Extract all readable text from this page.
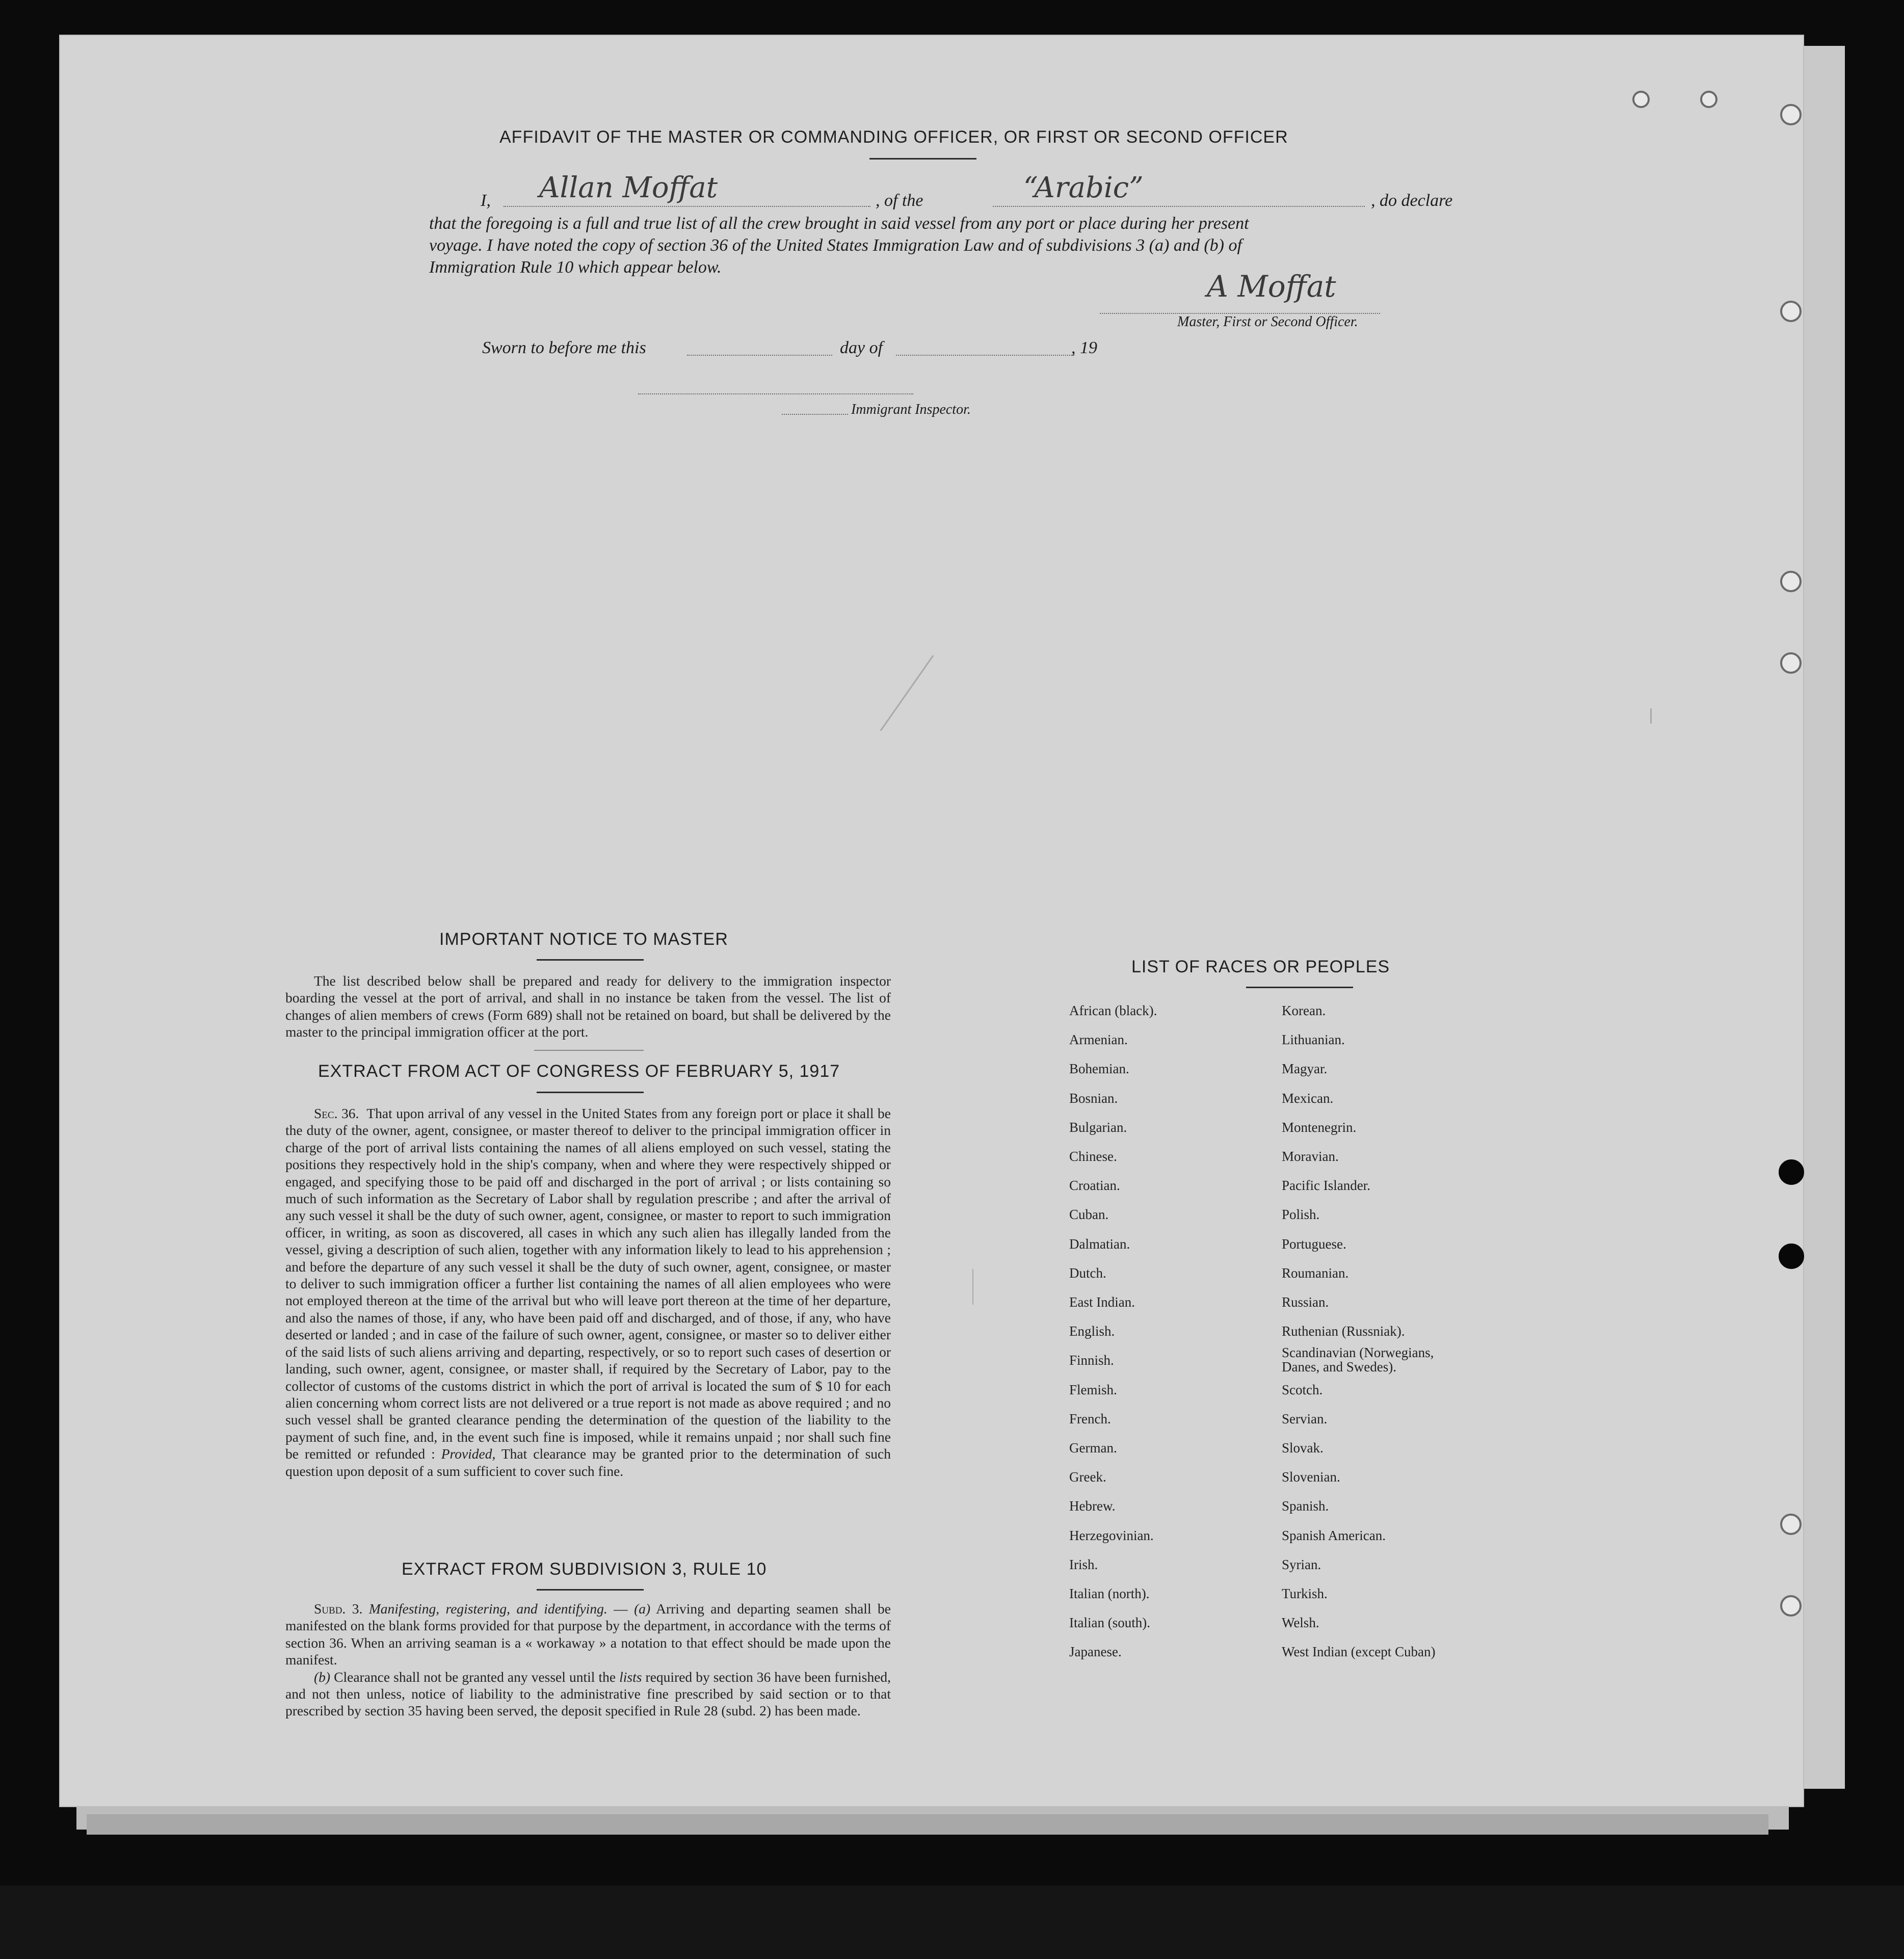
AFFIDAVIT OF THE MASTER OR COMMANDING OFFICER, OR FIRST OR SECOND OFFICER
I, Allan Moffat	, of the	“Arabic”	, do declare
that the foregoing is a full and true list of all the crew brought in said vessel from any port or place during her present
voyage. I have noted the copy of section 36 of the United States Immigration Law and of subdivisions 3 (a) and (b) of
Immigration Rule 10 which appear below.
A Moffat
Master, First or Second Officer.
Sworn to before me this	day of	, 19
Immigrant Inspector.
IMPORTANT NOTICE TO MASTER

The list described below shall be prepared and ready for delivery to the immigration inspector boarding the vessel at the port of arrival, and shall in no instance be taken from the vessel. The list of changes of alien members of crews (Form 689) shall not be retained on board, but shall be delivered by the master to the principal immigration officer at the port.

EXTRACT FROM ACT OF CONGRESS OF FEBRUARY 5, 1917

Sec. 36. That upon arrival of any vessel in the United States from any foreign port or place it shall be the duty of the owner, agent, consignee, or master thereof to deliver to the principal immigration officer in charge of the port of arrival lists containing the names of all aliens employed on such vessel, stating the positions they respectively hold in the ship's company, when and where they were respectively shipped or engaged, and specifying those to be paid off and discharged in the port of arrival ; or lists containing so much of such information as the Secretary of Labor shall by regulation prescribe ; and after the arrival of any such vessel it shall be the duty of such owner, agent, consignee, or master to report to such immigration officer, in writing, as soon as discovered, all cases in which any such alien has illegally landed from the vessel, giving a description of such alien, together with any information likely to lead to his apprehension ; and before the departure of any such vessel it shall be the duty of such owner, agent, consignee, or master to deliver to such immigration officer a further list containing the names of all alien employees who were not employed thereon at the time of the arrival but who will leave port thereon at the time of her departure, and also the names of those, if any, who have been paid off and discharged, and of those, if any, who have deserted or landed ; and in case of the failure of such owner, agent, consignee, or master so to deliver either of the said lists of such aliens arriving and departing, respectively, or so to report such cases of desertion or landing, such owner, agent, consignee, or master shall, if required by the Secretary of Labor, pay to the collector of customs of the customs district in which the port of arrival is located the sum of $ 10 for each alien concerning whom correct lists are not delivered or a true report is not made as above required ; and no such vessel shall be granted clearance pending the determination of the question of the liability to the payment of such fine, and, in the event such fine is imposed, while it remains unpaid ; nor shall such fine be remitted or refunded : Provided, That clearance may be granted prior to the determination of such question upon deposit of a sum sufficient to cover such fine.

EXTRACT FROM SUBDIVISION 3, RULE 10

Subd. 3. Manifesting, registering, and identifying. — (a) Arriving and departing seamen shall be manifested on the blank forms provided for that purpose by the department, in accordance with the terms of section 36. When an arriving seaman is a « workaway » a notation to that effect should be made upon the manifest.

(b) Clearance shall not be granted any vessel until the lists required by section 36 have been furnished, and not then unless, notice of liability to the administrative fine prescribed by said section or to that prescribed by section 35 having been served, the deposit specified in Rule 28 (subd. 2) has been made.

LIST OF RACES OR PEOPLES
African (black).
Armenian.
Bohemian.
Bosnian.
Bulgarian.
Chinese.
Croatian.
Cuban.
Dalmatian.
Dutch.
East Indian.
English.
Finnish.
Flemish.
French.
German.
Greek.
Hebrew.
Herzegovinian.
Irish.
Italian (north).
Italian (south).
Japanese.
Korean.
Lithuanian.
Magyar.
Mexican.
Montenegrin.
Moravian.
Pacific Islander.
Polish.
Portuguese.
Roumanian.
Russian.
Ruthenian (Russniak).
Scandinavian (Norwegians, Danes, and Swedes).
Scotch.
Servian.
Slovak.
Slovenian.
Spanish.
Spanish American.
Syrian.
Turkish.
Welsh.
West Indian (except Cuban)
